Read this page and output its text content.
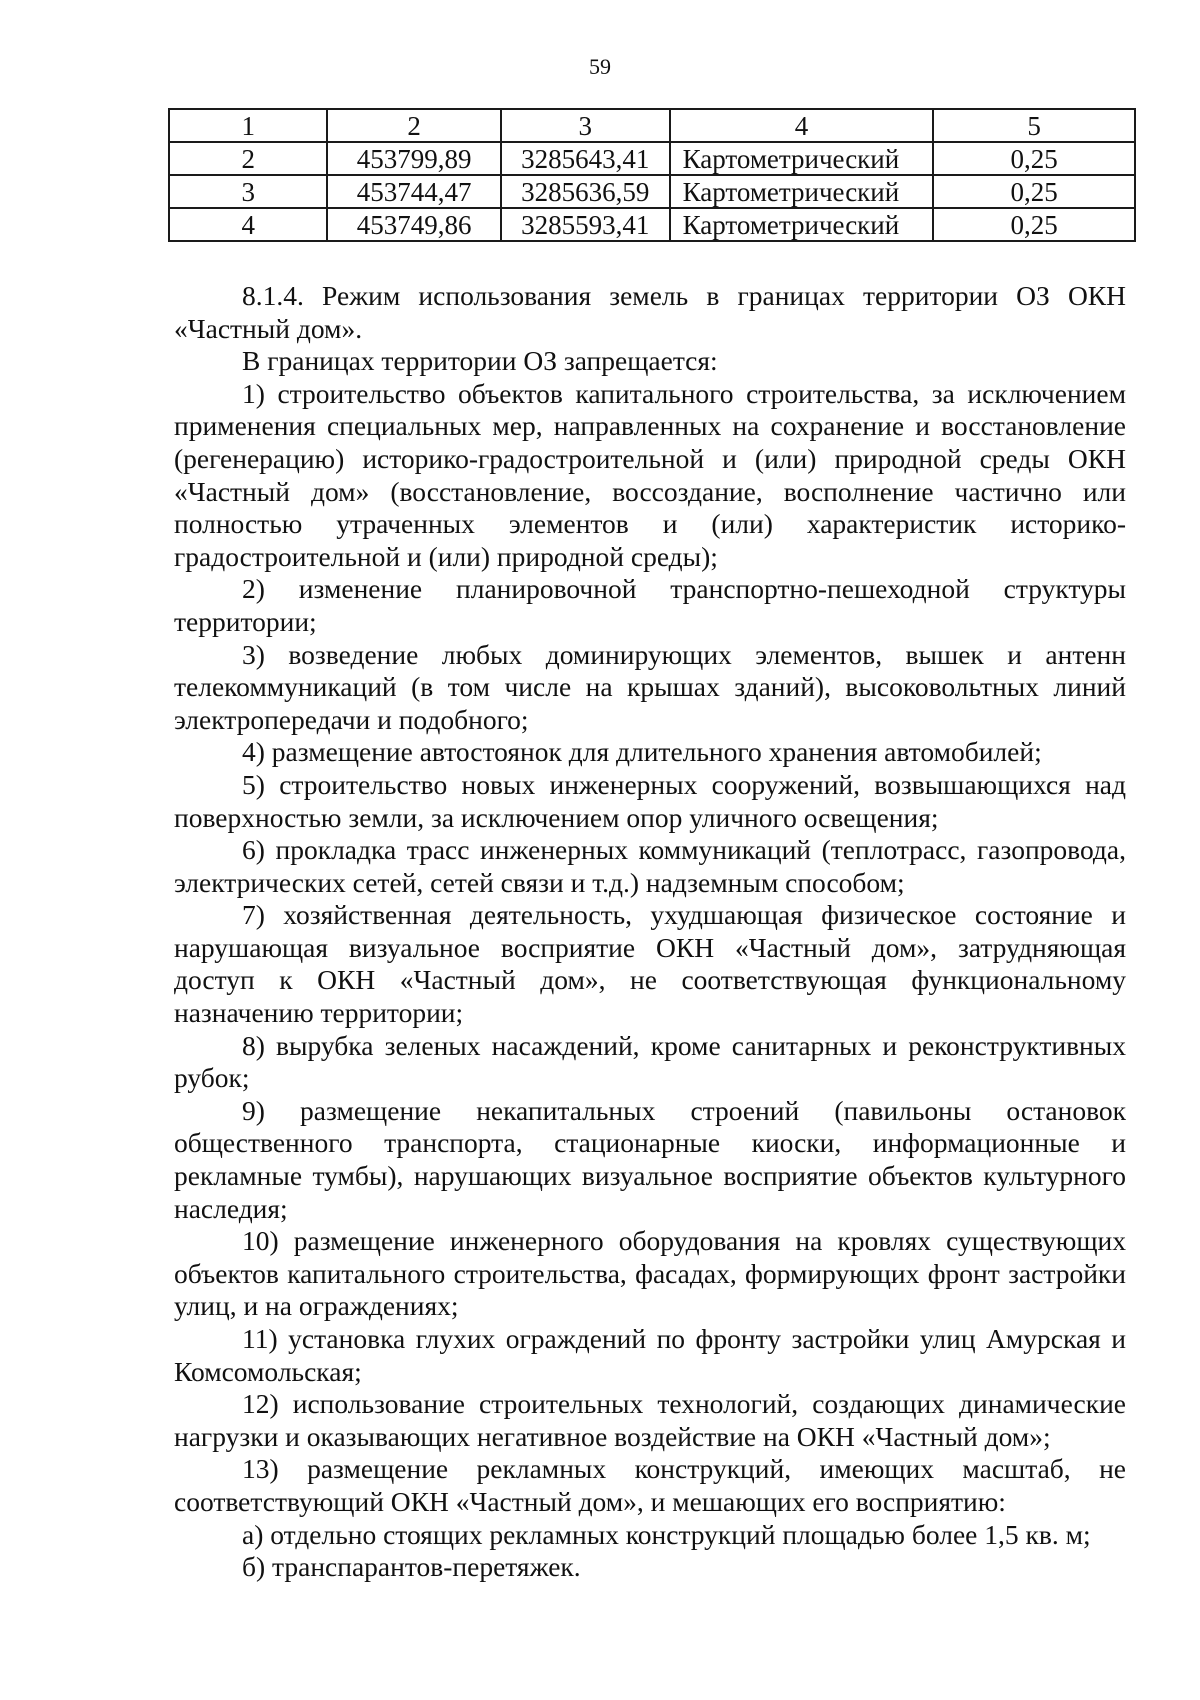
59
1	2	3	4	5
2	453799,89	3285643,41	Картометрический	0,25
3	453744,47	3285636,59	Картометрический	0,25
4	453749,86	3285593,41	Картометрический	0,25

8.1.4. Режим использования земель в границах территории ОЗ ОКН «Частный дом».

В границах территории ОЗ запрещается:

1) строительство объектов капитального строительства, за исключением применения специальных мер, направленных на сохранение и восстановление (регенерацию) историко-градостроительной и (или) природной среды ОКН «Частный дом» (восстановление, воссоздание, восполнение частично или полностью утраченных элементов и (или) характеристик историко-градостроительной и (или) природной среды);

2) изменение планировочной транспортно-пешеходной структуры территории;

3) возведение любых доминирующих элементов, вышек и антенн телекоммуникаций (в том числе на крышах зданий), высоковольтных линий электропередачи и подобного;

4) размещение автостоянок для длительного хранения автомобилей;

5) строительство новых инженерных сооружений, возвышающихся над поверхностью земли, за исключением опор уличного освещения;

6) прокладка трасс инженерных коммуникаций (теплотрасс, газопровода, электрических сетей, сетей связи и т.д.) надземным способом;

7) хозяйственная деятельность, ухудшающая физическое состояние и нарушающая визуальное восприятие ОКН «Частный дом», затрудняющая доступ к ОКН «Частный дом», не соответствующая функциональному назначению территории;

8) вырубка зеленых насаждений, кроме санитарных и реконструктивных рубок;

9) размещение некапитальных строений (павильоны остановок общественного транспорта, стационарные киоски, информационные и рекламные тумбы), нарушающих визуальное восприятие объектов культурного наследия;

10) размещение инженерного оборудования на кровлях существующих объектов капитального строительства, фасадах, формирующих фронт застройки улиц, и на ограждениях;

11) установка глухих ограждений по фронту застройки улиц Амурская и Комсомольская;

12) использование строительных технологий, создающих динамические нагрузки и оказывающих негативное воздействие на ОКН «Частный дом»;

13) размещение рекламных конструкций, имеющих масштаб, не соответствующий ОКН «Частный дом», и мешающих его восприятию:

а) отдельно стоящих рекламных конструкций площадью более 1,5 кв. м;

б) транспарантов-перетяжек.
